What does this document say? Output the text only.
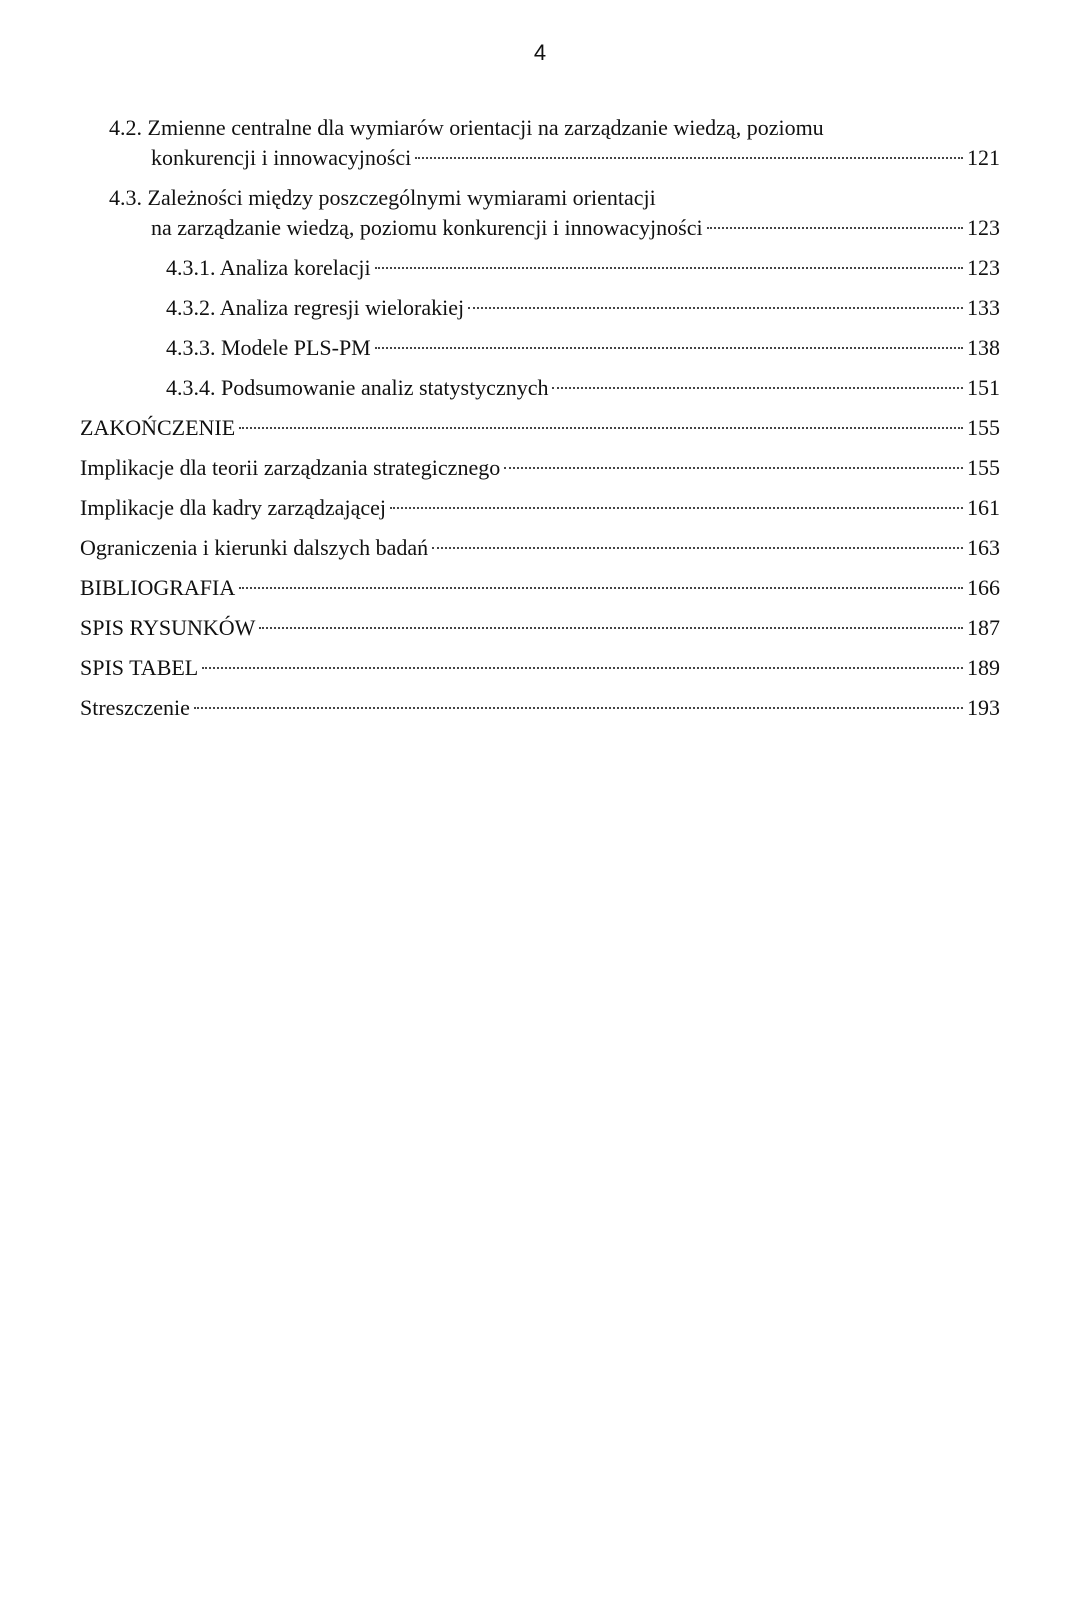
4
4.2. Zmienne centralne dla wymiarów orientacji na zarządzanie wiedzą, poziomu
konkurencji i innowacyjności	121
4.3. Zależności między poszczególnymi wymiarami orientacji
na zarządzanie wiedzą, poziomu konkurencji i innowacyjności	123
4.3.1. Analiza korelacji	123
4.3.2. Analiza regresji wielorakiej	133
4.3.3. Modele PLS-PM	138
4.3.4. Podsumowanie analiz statystycznych	151
ZAKOŃCZENIE	155
Implikacje dla teorii zarządzania strategicznego	155
Implikacje dla kadry zarządzającej	161
Ograniczenia i kierunki dalszych badań	163
BIBLIOGRAFIA	166
SPIS RYSUNKÓW	187
SPIS TABEL	189
Streszczenie	193
